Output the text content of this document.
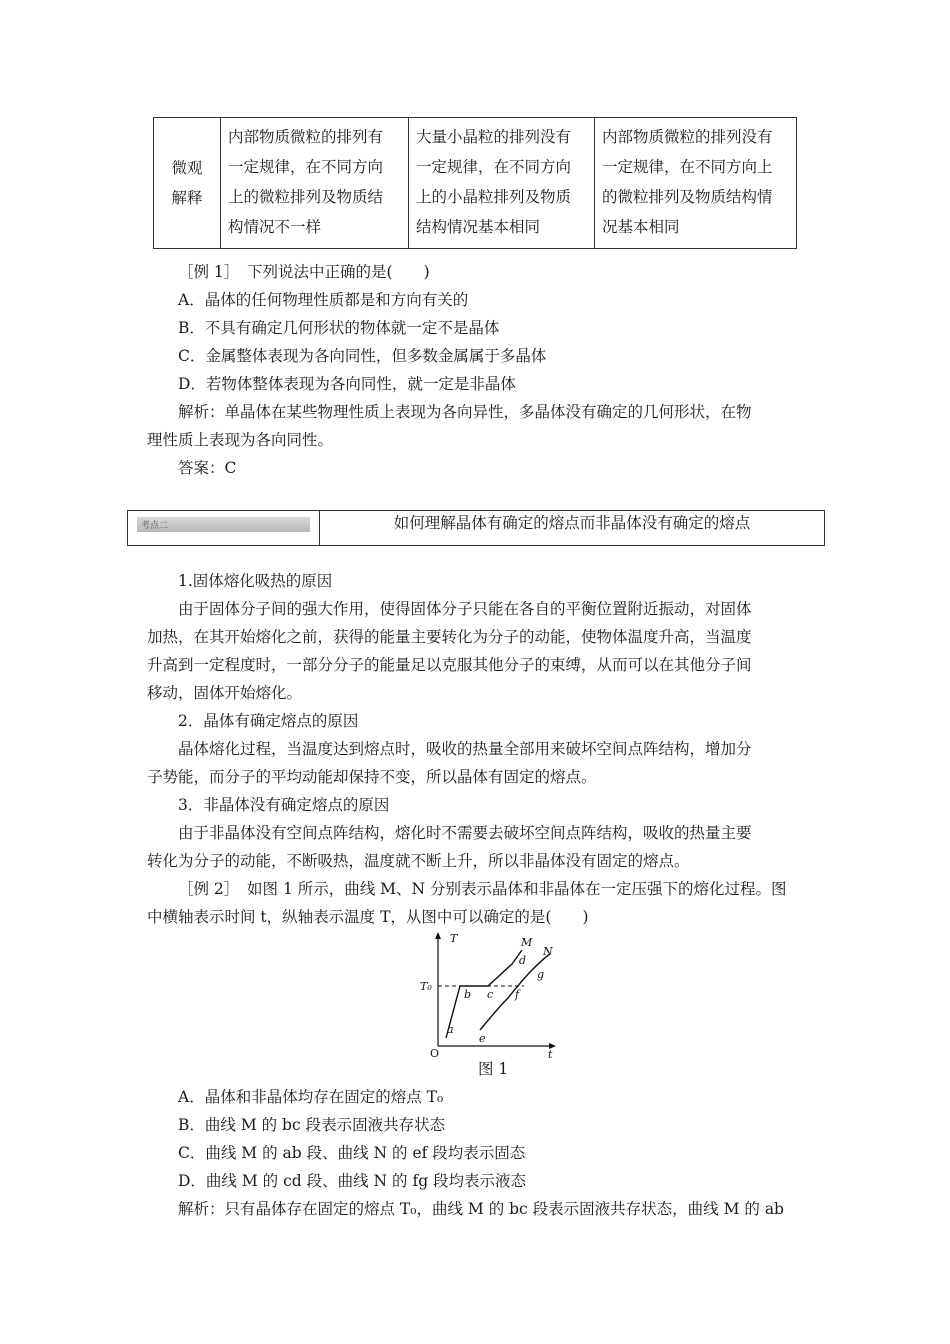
微观
解释

内部物质微粒的排列有
一定规律，在不同方向
上的微粒排列及物质结
构情况不一样

大量小晶粒的排列没有
一定规律，在不同方向
上的小晶粒排列及物质
结构情况基本相同

内部物质微粒的排列没有
一定规律，在不同方向上
的微粒排列及物质结构情
况基本相同
［例 1］　下列说法中正确的是(　　)
A．晶体的任何物理性质都是和方向有关的
B．不具有确定几何形状的物体就一定不是晶体
C．金属整体表现为各向同性，但多数金属属于多晶体
D．若物体整体表现为各向同性，就一定是非晶体
解析：单晶体在某些物理性质上表现为各向异性，多晶体没有确定的几何形状，在物
理性质上表现为各向同性。
答案：C
考点二	如何理解晶体有确定的熔点而非晶体没有确定的熔点
1.固体熔化吸热的原因
由于固体分子间的强大作用，使得固体分子只能在各自的平衡位置附近振动，对固体
加热，在其开始熔化之前，获得的能量主要转化为分子的动能，使物体温度升高，当温度
升高到一定程度时，一部分分子的能量足以克服其他分子的束缚，从而可以在其他分子间
移动，固体开始熔化。
2．晶体有确定熔点的原因
晶体熔化过程，当温度达到熔点时，吸收的热量全部用来破坏空间点阵结构，增加分
子势能，而分子的平均动能却保持不变，所以晶体有固定的熔点。
3．非晶体没有确定熔点的原因
由于非晶体没有空间点阵结构，熔化时不需要去破坏空间点阵结构，吸收的热量主要
转化为分子的动能，不断吸热，温度就不断上升，所以非晶体没有固定的熔点。
［例 2］　如图 1 所示，曲线 M、N 分别表示晶体和非晶体在一定压强下的熔化过程。图
中横轴表示时间 t，纵轴表示温度 T，从图中可以确定的是(　　)
T
t
O
T₀
M
N
a
b c
d
e
f
g
图 1
A．晶体和非晶体均存在固定的熔点 T₀
B．曲线 M 的 bc 段表示固液共存状态
C．曲线 M 的 ab 段、曲线 N 的 ef 段均表示固态
D．曲线 M 的 cd 段、曲线 N 的 fg 段均表示液态
解析：只有晶体存在固定的熔点 T₀，曲线 M 的 bc 段表示固液共存状态，曲线 M 的 ab
